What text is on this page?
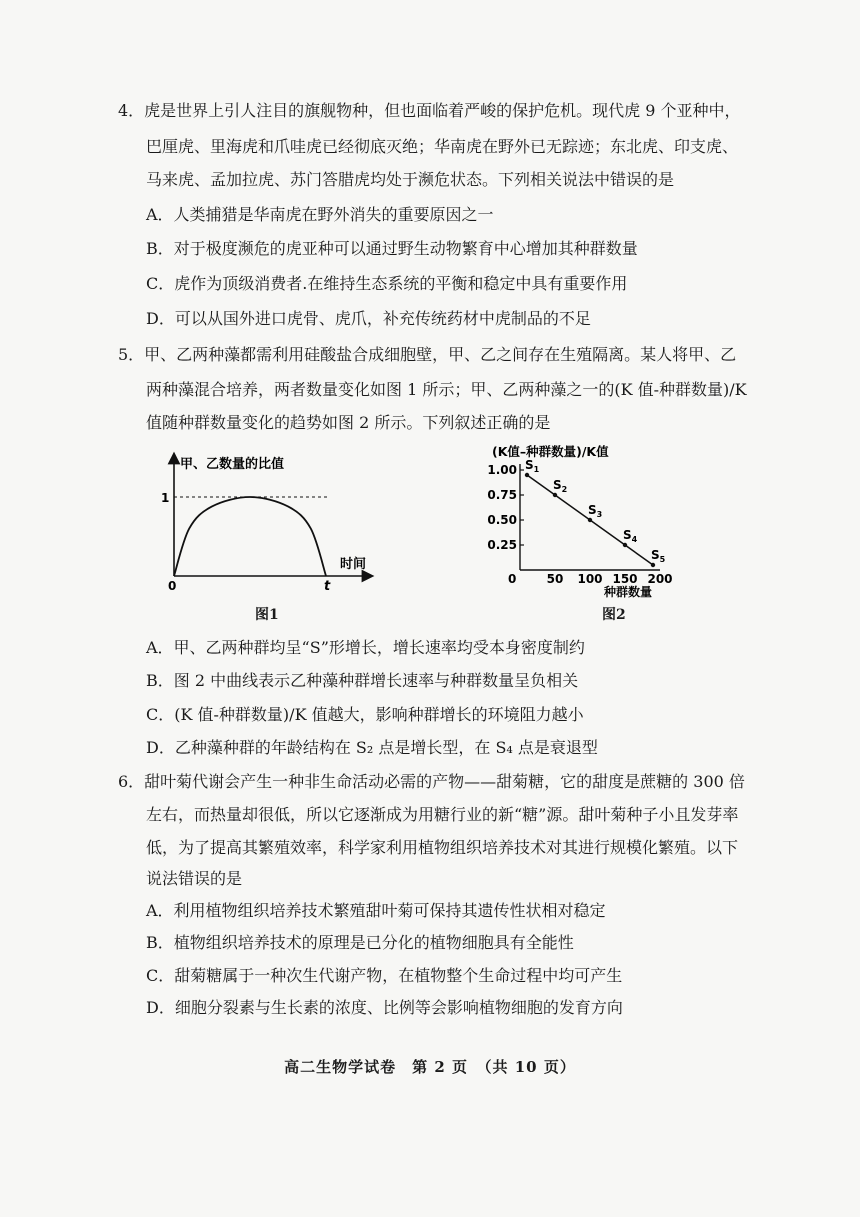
4．虎是世界上引人注目的旗舰物种，但也面临着严峻的保护危机。现代虎 9 个亚种中，
巴厘虎、里海虎和爪哇虎已经彻底灭绝；华南虎在野外已无踪迹；东北虎、印支虎、
马来虎、孟加拉虎、苏门答腊虎均处于濒危状态。下列相关说法中错误的是
A．人类捕猎是华南虎在野外消失的重要原因之一
B．对于极度濒危的虎亚种可以通过野生动物繁育中心增加其种群数量
C．虎作为顶级消费者.在维持生态系统的平衡和稳定中具有重要作用
D．可以从国外进口虎骨、虎爪，补充传统药材中虎制品的不足
5．甲、乙两种藻都需利用硅酸盐合成细胞壁，甲、乙之间存在生殖隔离。某人将甲、乙
两种藻混合培养，两者数量变化如图 1 所示；甲、乙两种藻之一的(K 值-种群数量)/K
值随种群数量变化的趋势如图 2 所示。下列叙述正确的是
甲、乙数量的比值
1
0	t
时间
图1
1.00
0.75
0.50
0.25
50 100 150 200
$S_1$
$S_2$
$S_3$
$S_4$
$S_5$
(K值–种群数量)/K值
0
种群数量
图2
A．甲、乙两种群均呈“S”形增长，增长速率均受本身密度制约
B．图 2 中曲线表示乙种藻种群增长速率与种群数量呈负相关
C．(K 值-种群数量)/K 值越大，影响种群增长的环境阻力越小
D．乙种藻种群的年龄结构在 S₂ 点是增长型，在 S₄ 点是衰退型
6．甜叶菊代谢会产生一种非生命活动必需的产物——甜菊糖，它的甜度是蔗糖的 300 倍
左右，而热量却很低，所以它逐渐成为用糖行业的新“糖”源。甜叶菊种子小且发芽率
低，为了提高其繁殖效率，科学家利用植物组织培养技术对其进行规模化繁殖。以下
说法错误的是
A．利用植物组织培养技术繁殖甜叶菊可保持其遗传性状相对稳定
B．植物组织培养技术的原理是已分化的植物细胞具有全能性
C．甜菊糖属于一种次生代谢产物，在植物整个生命过程中均可产生
D．细胞分裂素与生长素的浓度、比例等会影响植物细胞的发育方向
高二生物学试卷　第 2 页　（共 10 页）
